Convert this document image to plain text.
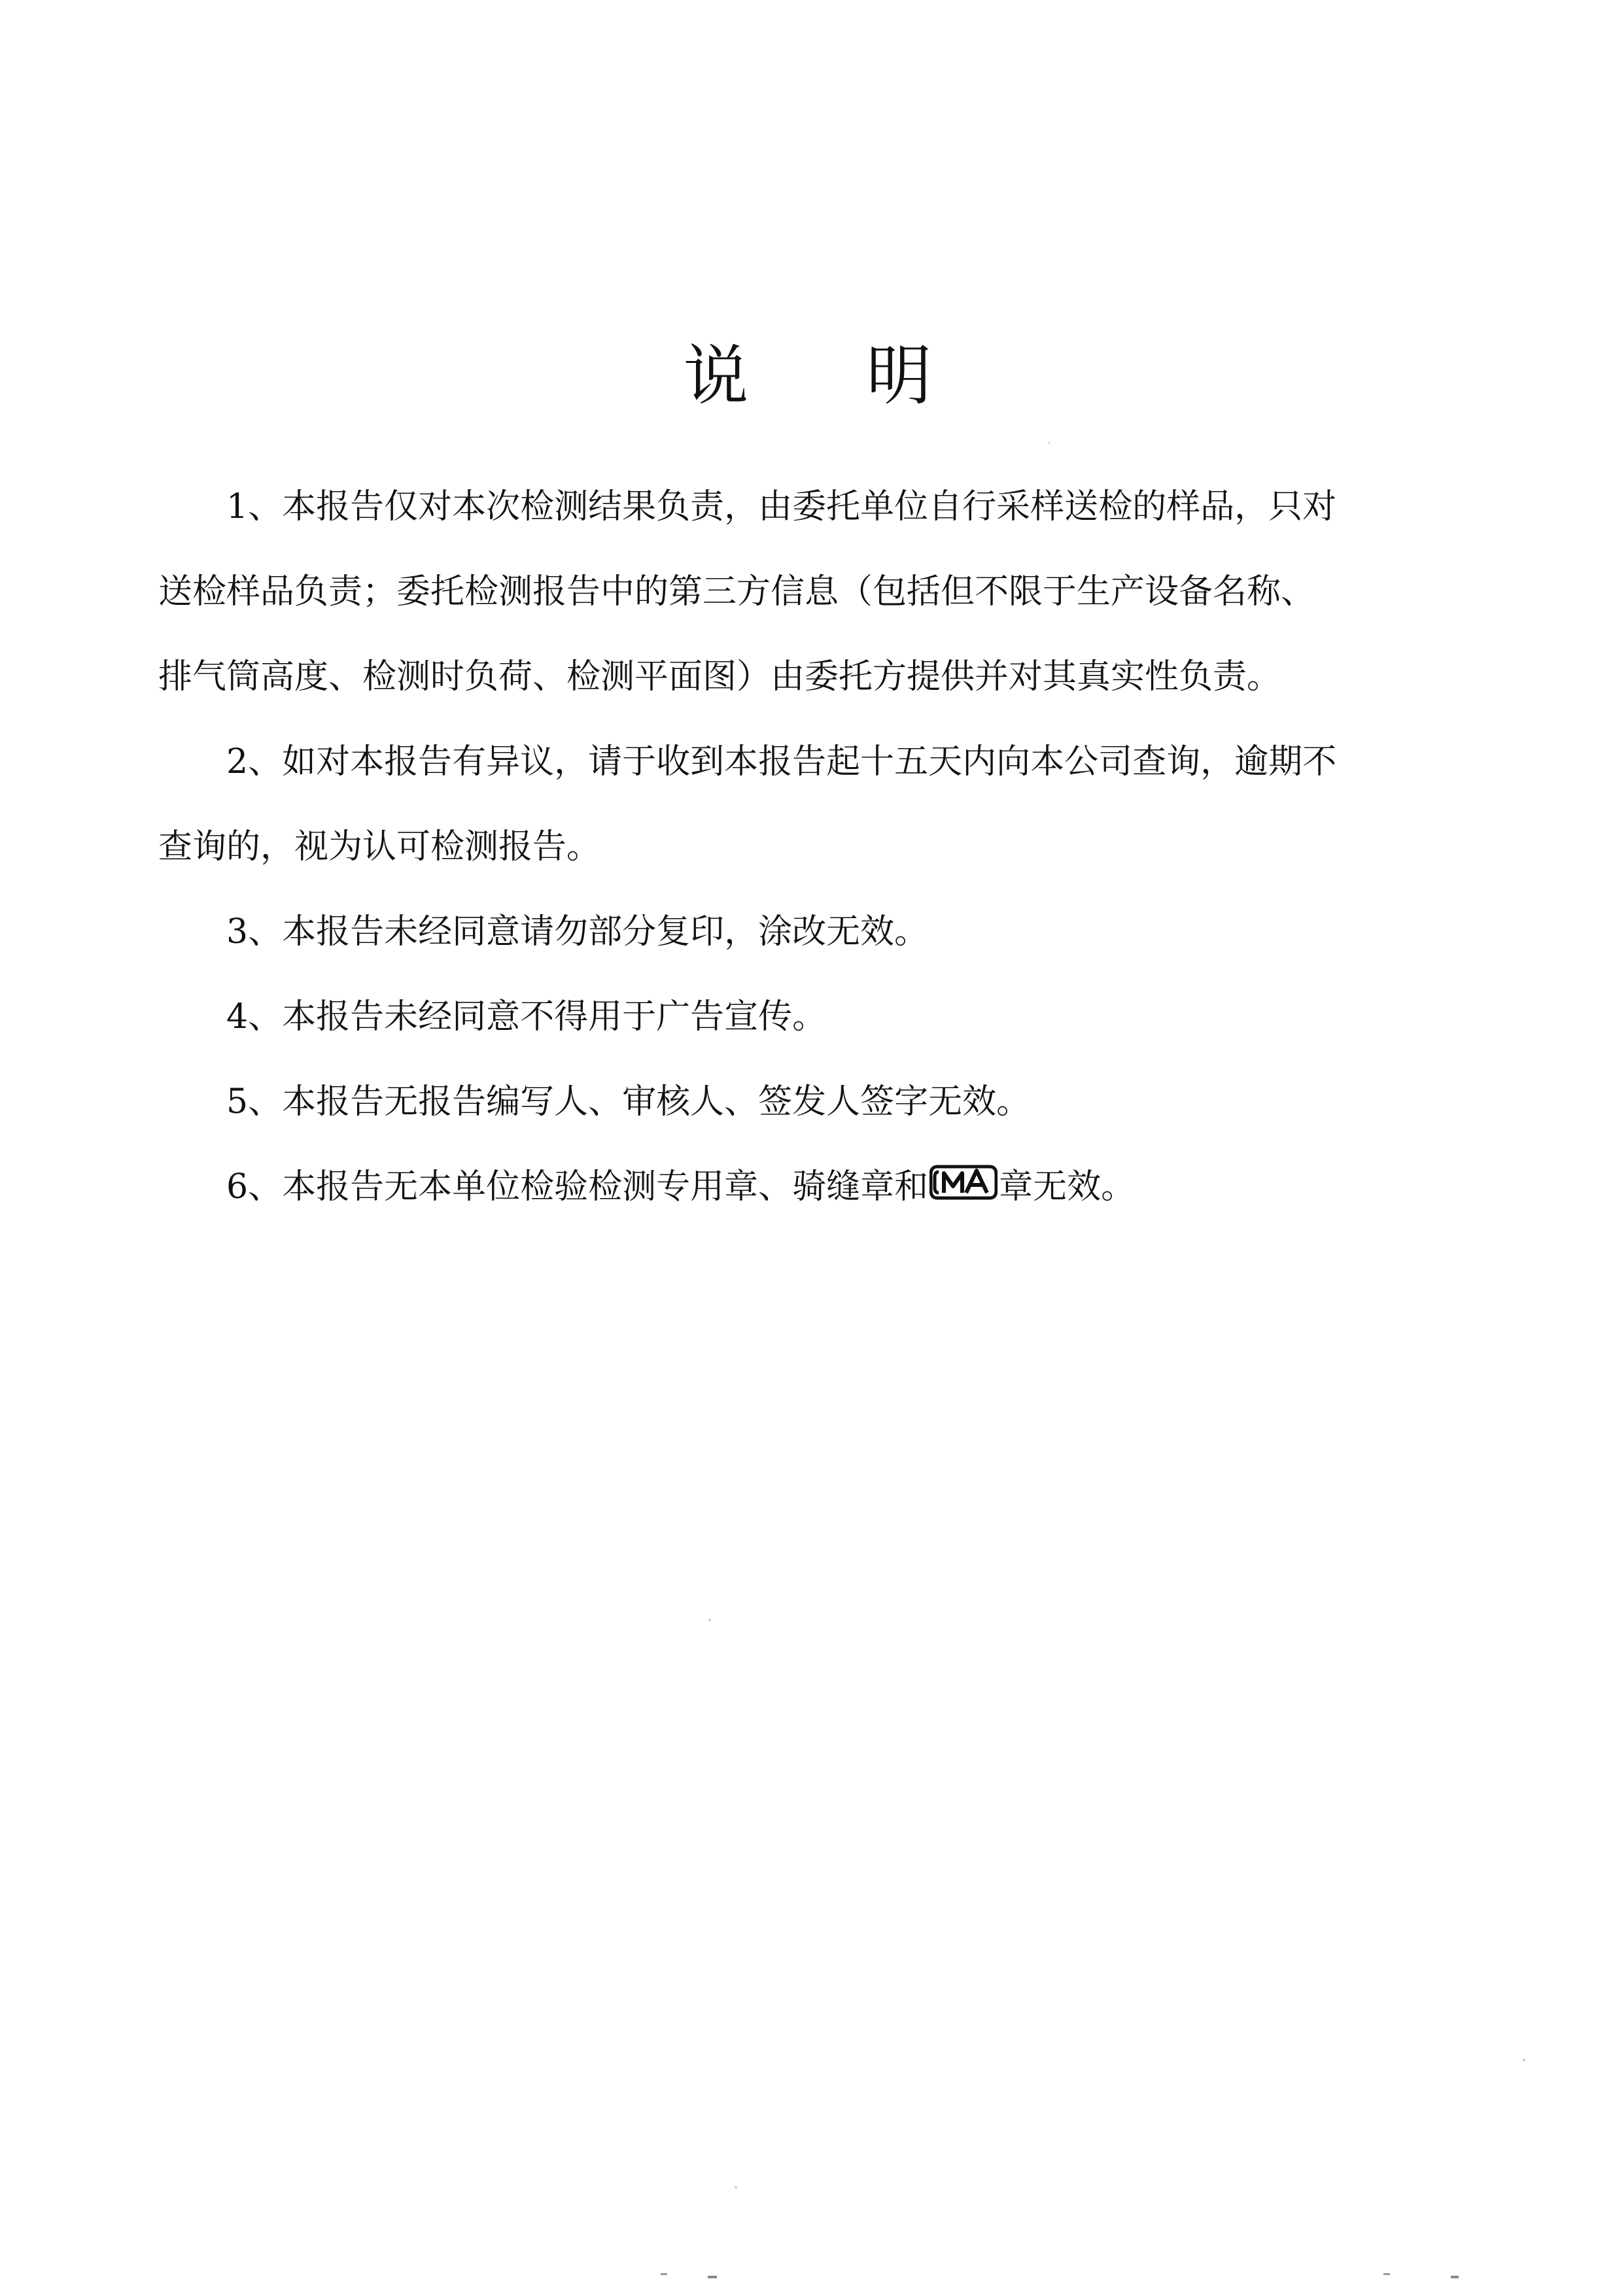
说 明

1、本报告仅对本次检测结果负责，由委托单位自行采样送检的样品，只对
送检样品负责；委托检测报告中的第三方信息（包括但不限于生产设备名称、
排气筒高度、检测时负荷、检测平面图）由委托方提供并对其真实性负责。

2、如对本报告有异议，请于收到本报告起十五天内向本公司查询，逾期不
查询的，视为认可检测报告。

3、本报告未经同意请勿部分复印，涂改无效。

4、本报告未经同意不得用于广告宣传。

5、本报告无报告编写人、审核人、签发人签字无效。

6、本报告无本单位检验检测专用章、骑缝章和 章无效。
